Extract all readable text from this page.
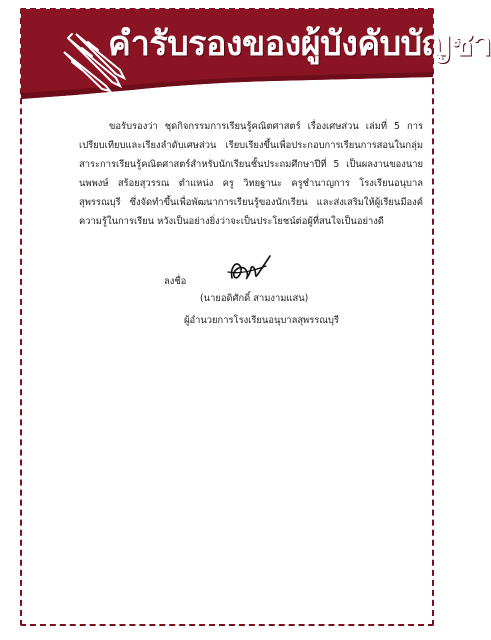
คำรับรองของผู้บังคับบัญชา

ขอรับรองว่า ชุดกิจกรรมการเรียนรู้คณิตศาสตร์ เรื่องเศษส่วน เล่มที่ 5 การเปรียบเทียบและเรียงลำดับเศษส่วน เรียบเรียงขึ้นเพื่อประกอบการเรียนการสอนในกลุ่มสาระการเรียนรู้คณิตศาสตร์สำหรับนักเรียนชั้นประถมศึกษาปีที่ 5 เป็นผลงานของนายนพพงษ์ สร้อยสุวรรณ ตำแหน่ง ครู วิทยฐานะ ครูชำนาญการ โรงเรียนอนุบาลสุพรรณบุรี ซึ่งจัดทำขึ้นเพื่อพัฒนาการเรียนรู้ของนักเรียน และส่งเสริมให้ผู้เรียนมีองค์ความรู้ในการเรียน หวังเป็นอย่างยิ่งว่าจะเป็นประโยชน์ต่อผู้ที่สนใจเป็นอย่างดี

ลงชื่อ
(นายอดิศักดิ์ สามงามแสน)
ผู้อำนวยการโรงเรียนอนุบาลสุพรรณบุรี
